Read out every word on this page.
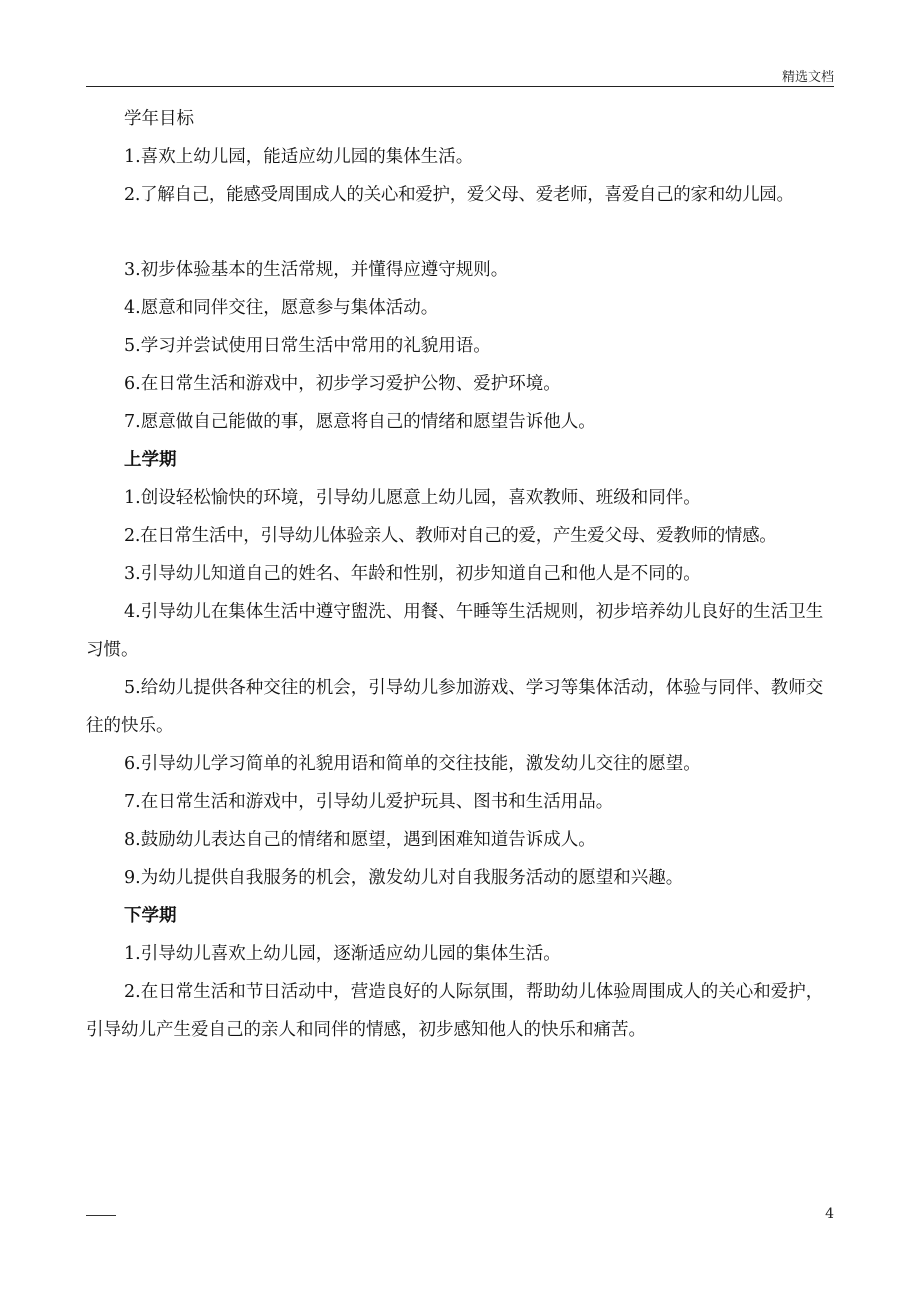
精选文档

学年目标

1.喜欢上幼儿园，能适应幼儿园的集体生活。

2.了解自己，能感受周围成人的关心和爱护，爱父母、爱老师，喜爱自己的家和幼儿园。

3.初步体验基本的生活常规，并懂得应遵守规则。

4.愿意和同伴交往，愿意参与集体活动。

5.学习并尝试使用日常生活中常用的礼貌用语。

6.在日常生活和游戏中，初步学习爱护公物、爱护环境。

7.愿意做自己能做的事，愿意将自己的情绪和愿望告诉他人。

上学期

1.创设轻松愉快的环境，引导幼儿愿意上幼儿园，喜欢教师、班级和同伴。

2.在日常生活中，引导幼儿体验亲人、教师对自己的爱，产生爱父母、爱教师的情感。

3.引导幼儿知道自己的姓名、年龄和性别，初步知道自己和他人是不同的。

4.引导幼儿在集体生活中遵守盥洗、用餐、午睡等生活规则，初步培养幼儿良好的生活卫生习惯。

5.给幼儿提供各种交往的机会，引导幼儿参加游戏、学习等集体活动，体验与同伴、教师交往的快乐。

6.引导幼儿学习简单的礼貌用语和简单的交往技能，激发幼儿交往的愿望。

7.在日常生活和游戏中，引导幼儿爱护玩具、图书和生活用品。

8.鼓励幼儿表达自己的情绪和愿望，遇到困难知道告诉成人。

9.为幼儿提供自我服务的机会，激发幼儿对自我服务活动的愿望和兴趣。

下学期

1.引导幼儿喜欢上幼儿园，逐渐适应幼儿园的集体生活。

2.在日常生活和节日活动中，营造良好的人际氛围，帮助幼儿体验周围成人的关心和爱护，引导幼儿产生爱自己的亲人和同伴的情感，初步感知他人的快乐和痛苦。

4
